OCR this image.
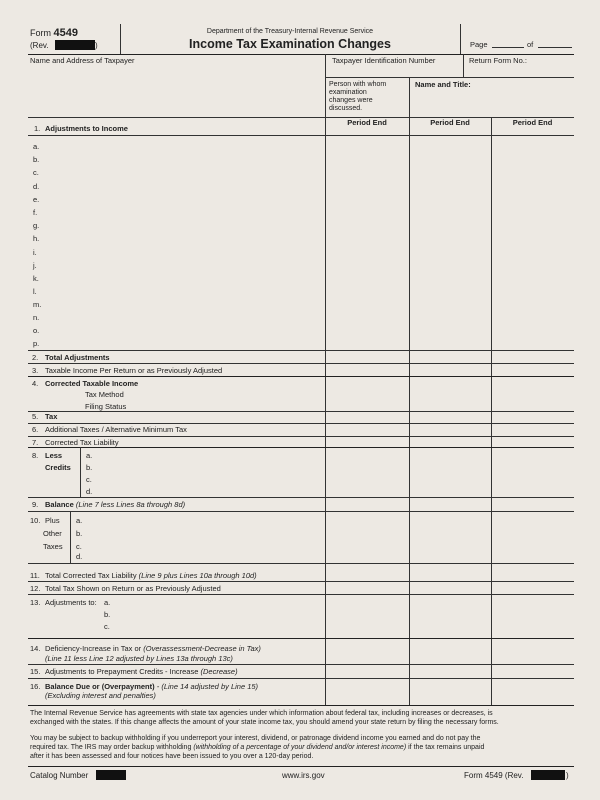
Form 4549
(Rev.	)
Department of the Treasury-Internal Revenue Service
Income Tax Examination Changes	Page	of
Name and Address of Taxpayer	Taxpayer Identification Number	Return Form No.:
Person with whom
examination
changes were
discussed.
Name and Title:
Period End	Period End	Period End
1. Adjustments to Income
a.
b.
c.
d.
e.
f.
g.
h.
i.
j.
k.
l.
m.
n.
o.
p.
2. Total Adjustments
3. Taxable Income Per Return or as Previously Adjusted
4. Corrected Taxable Income
Tax Method
Filing Status
5. Tax
6. Additional Taxes / Alternative Minimum Tax
7. Corrected Tax Liability
8. Less
Credits
a.
b.
c.
d.
9. Balance (Line 7 less Lines 8a through 8d)
10. Plus
Other
Taxes
a.
b.
c.
d.
11. Total Corrected Tax Liability (Line 9 plus Lines 10a through 10d)
12. Total Tax Shown on Return or as Previously Adjusted
13. Adjustments to: a.
b.
c.
14. Deficiency-Increase in Tax or (Overassessment-Decrease in Tax)
(Line 11 less Line 12 adjusted by Lines 13a through 13c)
15. Adjustments to Prepayment Credits - Increase (Decrease)
16. Balance Due or (Overpayment) - (Line 14 adjusted by Line 15)
(Excluding interest and penalties)
The Internal Revenue Service has agreements with state tax agencies under which information about federal tax, including increases or decreases, is
exchanged with the states. If this change affects the amount of your state income tax, you should amend your state return by filing the necessary forms.
You may be subject to backup withholding if you underreport your interest, dividend, or patronage dividend income you earned and do not pay the
required tax. The IRS may order backup withholding (withholding of a percentage of your dividend and/or interest income) if the tax remains unpaid
after it has been assessed and four notices have been issued to you over a 120-day period.
Catalog Number	www.irs.gov	Form 4549 (Rev.	)
